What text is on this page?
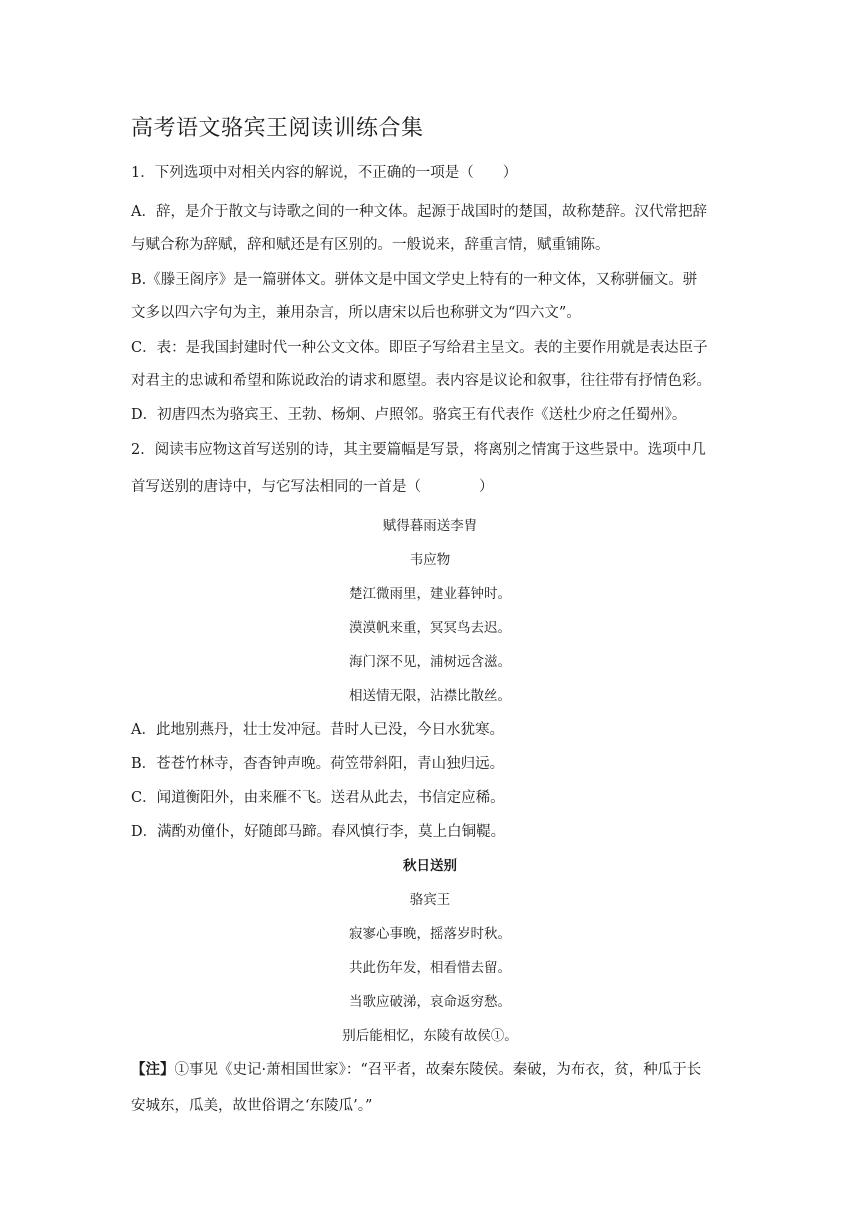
高考语文骆宾王阅读训练合集
1．下列选项中对相关内容的解说，不正确的一项是（　　）
A．辞，是介于散文与诗歌之间的一种文体。起源于战国时的楚国，故称楚辞。汉代常把辞
与赋合称为辞赋，辞和赋还是有区别的。一般说来，辞重言情，赋重铺陈。
B.《滕王阁序》是一篇骈体文。骈体文是中国文学史上特有的一种文体，又称骈俪文。骈
文多以四六字句为主，兼用杂言，所以唐宋以后也称骈文为“四六文”。
C．表：是我国封建时代一种公文文体。即臣子写给君主呈文。表的主要作用就是表达臣子
对君主的忠诚和希望和陈说政治的请求和愿望。表内容是议论和叙事，往往带有抒情色彩。
D．初唐四杰为骆宾王、王勃、杨炯、卢照邻。骆宾王有代表作《送杜少府之任蜀州》。
2．阅读韦应物这首写送别的诗，其主要篇幅是写景，将离别之情寓于这些景中。选项中几
首写送别的唐诗中，与它写法相同的一首是（　　　　）
赋得暮雨送李胄
韦应物
楚江微雨里，建业暮钟时。
漠漠帆来重，冥冥鸟去迟。
海门深不见，浦树远含滋。
相送情无限，沾襟比散丝。
A．此地别燕丹，壮士发冲冠。昔时人已没，今日水犹寒。
B．苍苍竹林寺，杳杳钟声晚。荷笠带斜阳，青山独归远。
C．闻道衡阳外，由来雁不飞。送君从此去，书信定应稀。
D．满酌劝僮仆，好随郎马蹄。春风慎行李，莫上白铜鞮。
秋日送别
骆宾王
寂寥心事晚，摇落岁时秋。
共此伤年发，相看惜去留。
当歌应破涕，哀命返穷愁。
别后能相忆，东陵有故侯①。
【注】①事见《史记·萧相国世家》：“召平者，故秦东陵侯。秦破，为布衣，贫，种瓜于长
安城东，瓜美，故世俗谓之‘东陵瓜’。”
